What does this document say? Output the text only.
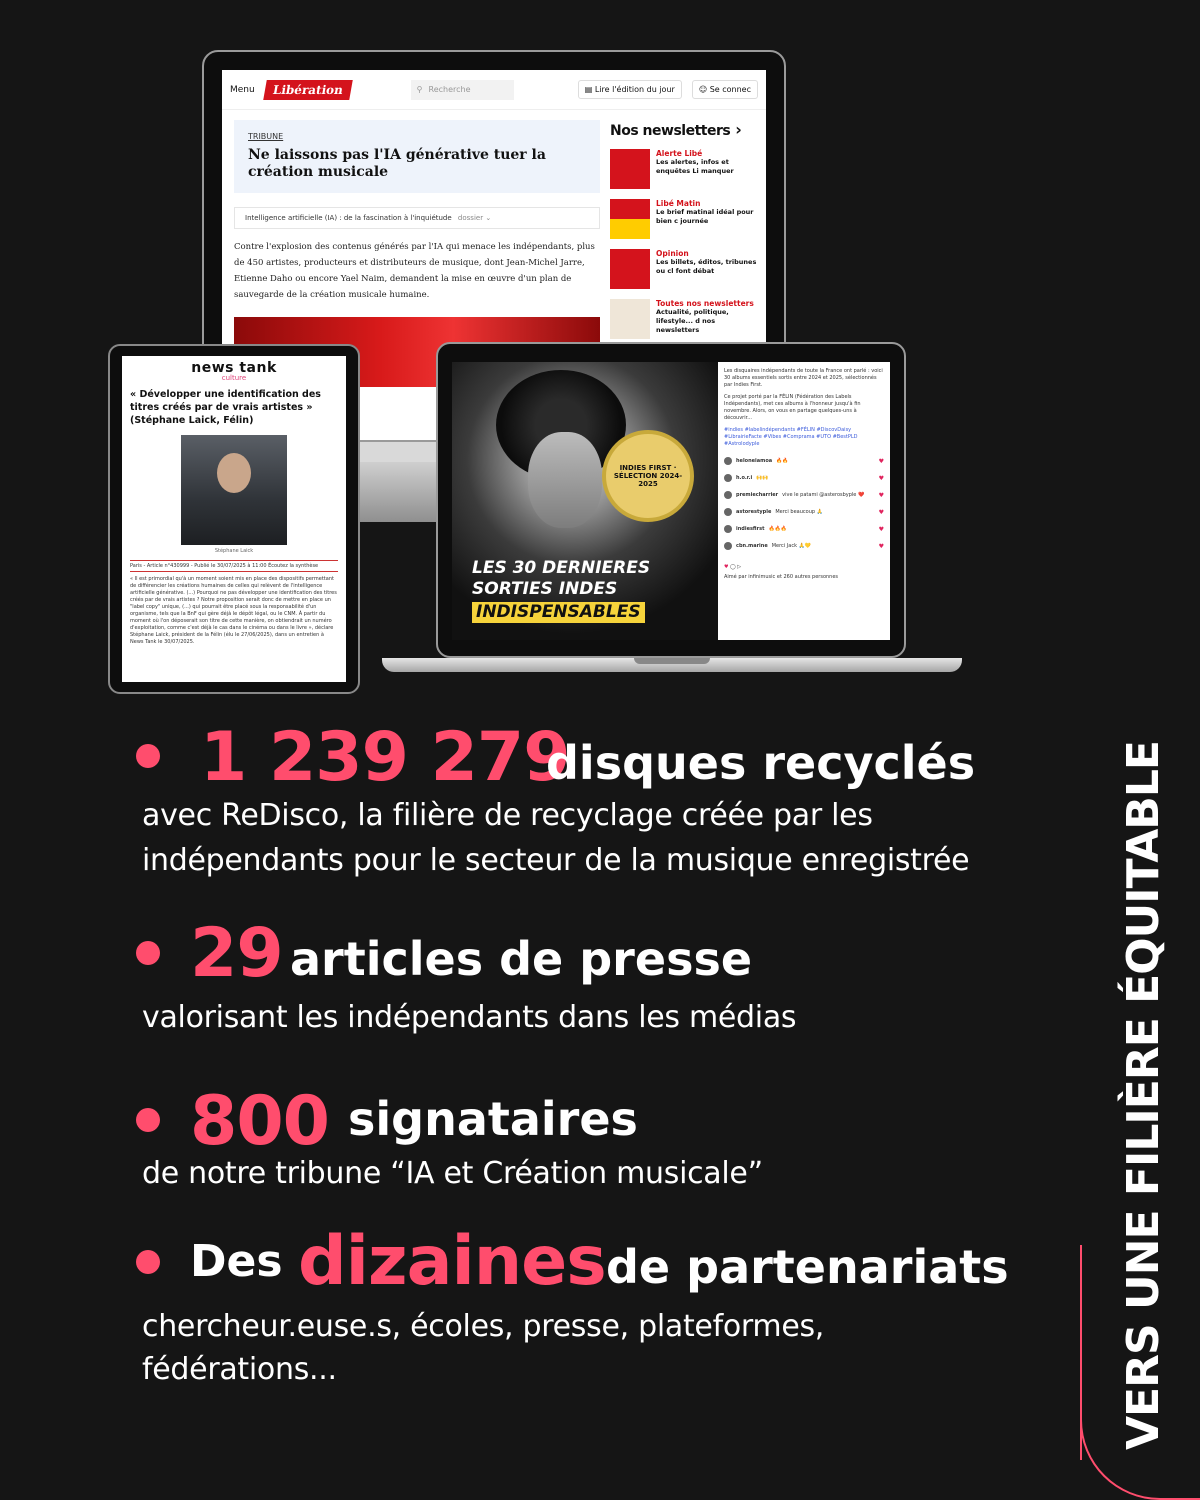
Menu	Libération	⚲ Recherche	▤ Lire l'édition du jour	☺ Se connec
TRIBUNE
Ne laissons pas l'IA générative tuer la création musicale
Intelligence artificielle (IA) : de la fascination à l'inquiétude dossier ⌄
Contre l'explosion des contenus générés par l'IA qui menace les indépendants, plus de 450 artistes, producteurs et distributeurs de musique, dont Jean-Michel Jarre, Etienne Daho ou encore Yael Naim, demandent la mise en œuvre d'un plan de sauvegarde de la création musicale humaine.
Nos newsletters ›
Alerte Libé
Les alertes, infos et enquêtes Li manquer
Libé Matin
Le brief matinal idéal pour bien c journée
Opinion
Les billets, éditos, tribunes ou cl font débat
Toutes nos newsletters
Actualité, politique, lifestyle... d nos newsletters
INDIES FIRST · SÉLECTION 2024-2025
LES 30 DERNIERES
SORTIES INDES
INDISPENSABLES
Les disquaires indépendants de toute la France ont parlé : voici 30 albums essentiels sortis entre 2024 et 2025, sélectionnés par Indies First.
Ce projet porté par la FÉLIN (Fédération des Labels Indépendants), met ces albums à l'honneur jusqu'à fin novembre. Alors, on vous en partage quelques-uns à découvrir...
#indies #labelindépendants #FÉLIN #DiscovDaisy #LibrairieFacte #Vibes #Comprama #UTO #BestPLD #Astrolodyple
heloneiamoa 🔥🔥	♥
h.o.r.i 🙌🙌	♥
premiecharrier vive le patami @asterosbyple ❤️ ♥
astorestyple Merci beaucoup 🙏	♥
indiesfirst 🔥🔥🔥	♥
cbn.marine Merci Jack 🙏💛	♥
♥ ◯ ▷
Aimé par infinimusic et 260 autres personnes
news tank
culture
« Développer une identification des titres créés par de vrais artistes » (Stéphane Laick, Félin)
Stéphane Laick
Paris - Article n°430999 - Publié le 30/07/2025 à 11:00 Écoutez la synthèse
« Il est primordial qu'à un moment soient mis en place des dispositifs permettant de différencier les créations humaines de celles qui relèvent de l'intelligence artificielle générative. (...) Pourquoi ne pas développer une identification des titres créés par de vrais artistes ? Notre proposition serait donc de mettre en place un "label copy" unique, (...) qui pourrait être placé sous la responsabilité d'un organisme, tels que la BnF qui gère déjà le dépôt légal, ou le CNM. À partir du moment où l'on déposerait son titre de cette manière, on obtiendrait un numéro d'exploitation, comme c'est déjà le cas dans le cinéma ou dans le livre », déclare Stéphane Laick, président de la Félin (élu le 27/06/2025), dans un entretien à News Tank le 30/07/2025.
1 239 279
disques recyclés
avec ReDisco, la filière de recyclage créée par les
indépendants pour le secteur de la musique enregistrée
29 articles de presse
valorisant les indépendants dans les médias
800 signataires
de notre tribune “IA et Création musicale”
Des dizaines de partenariats
chercheur.euse.s, écoles, presse, plateformes,
fédérations...	VERS UNE FILIÈRE ÉQUITABLE
